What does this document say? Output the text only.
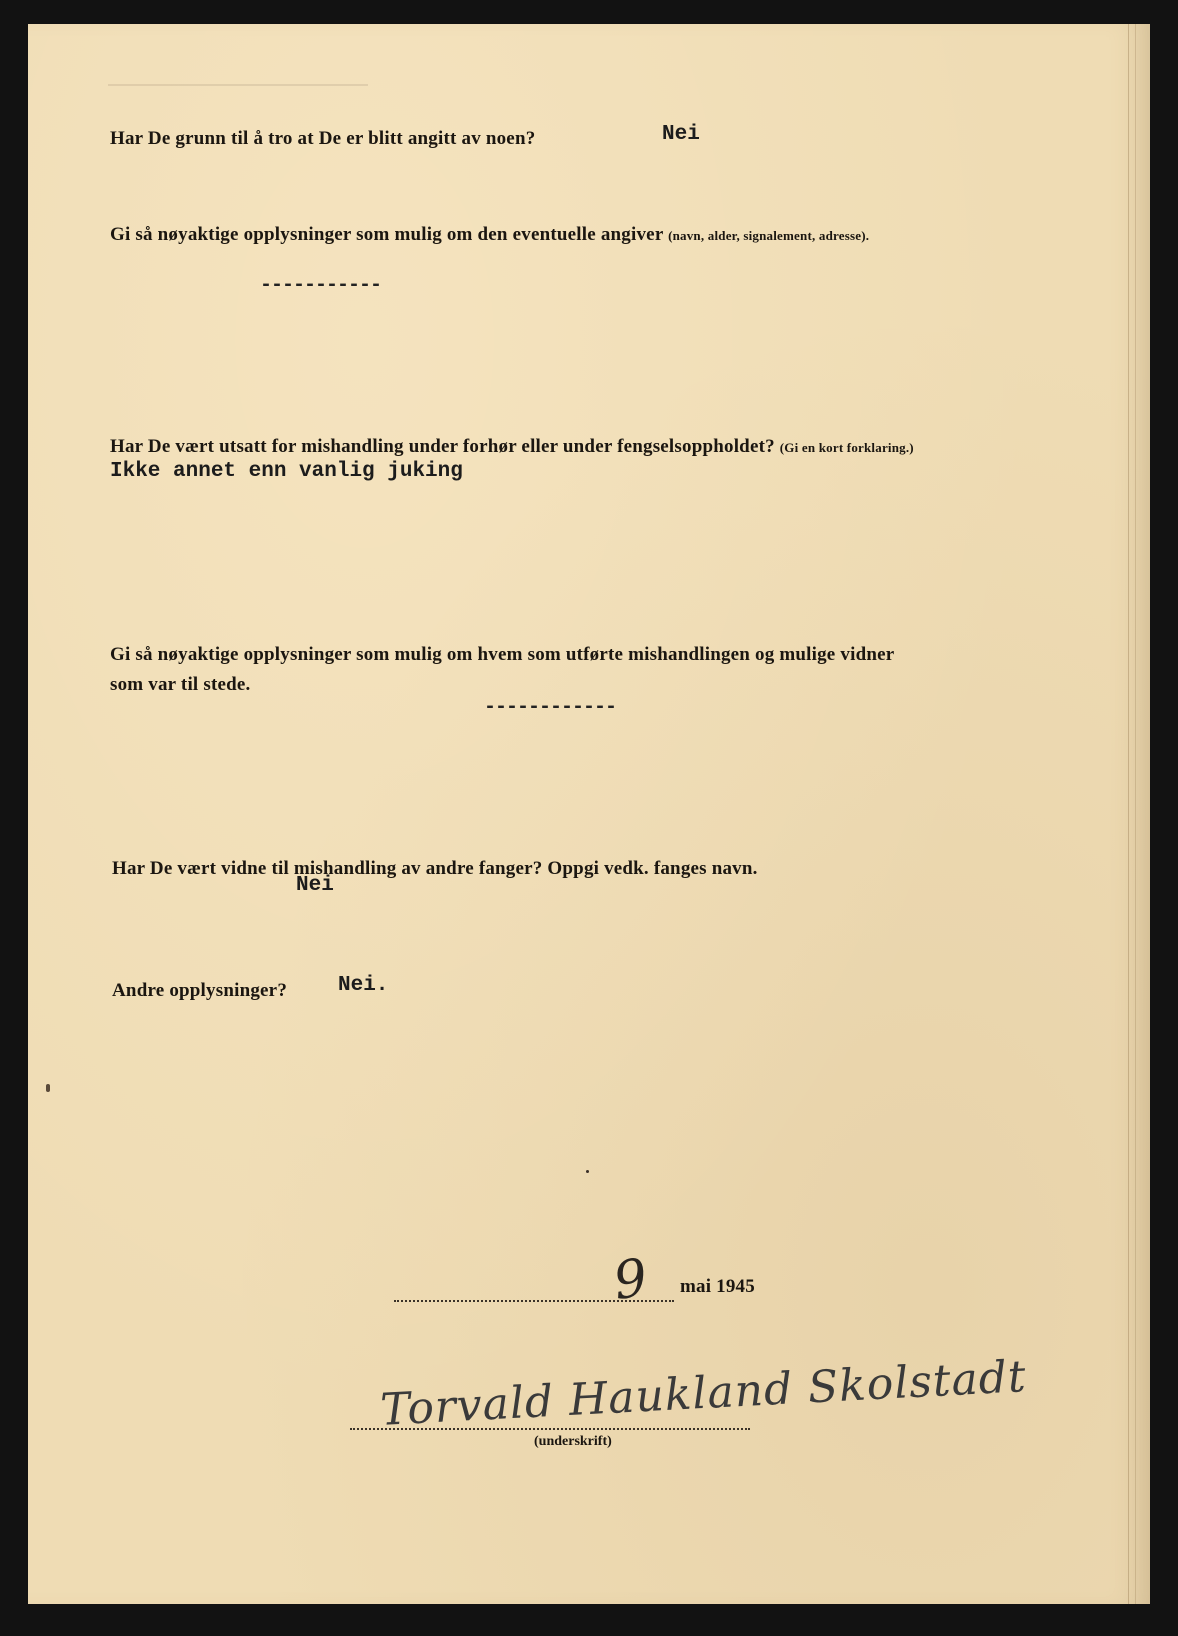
Har De grunn til å tro at De er blitt angitt av noen?	Nei
Gi så nøyaktige opplysninger som mulig om den eventuelle angiver (navn, alder, signalement, adresse).
-----------
Har De vært utsatt for mishandling under forhør eller under fengselsoppholdet? (Gi en kort forklaring.)
Ikke annet enn vanlig juking
Gi så nøyaktige opplysninger som mulig om hvem som utførte mishandlingen og mulige vidner
som var til stede.
------------
Har De vært vidne til mishandling av andre fanger? Oppgi vedk. fanges navn.
Nei
Andre opplysninger? Nei.
9 mai 1945
Torvald Haukland Skolstadt
(underskrift)
